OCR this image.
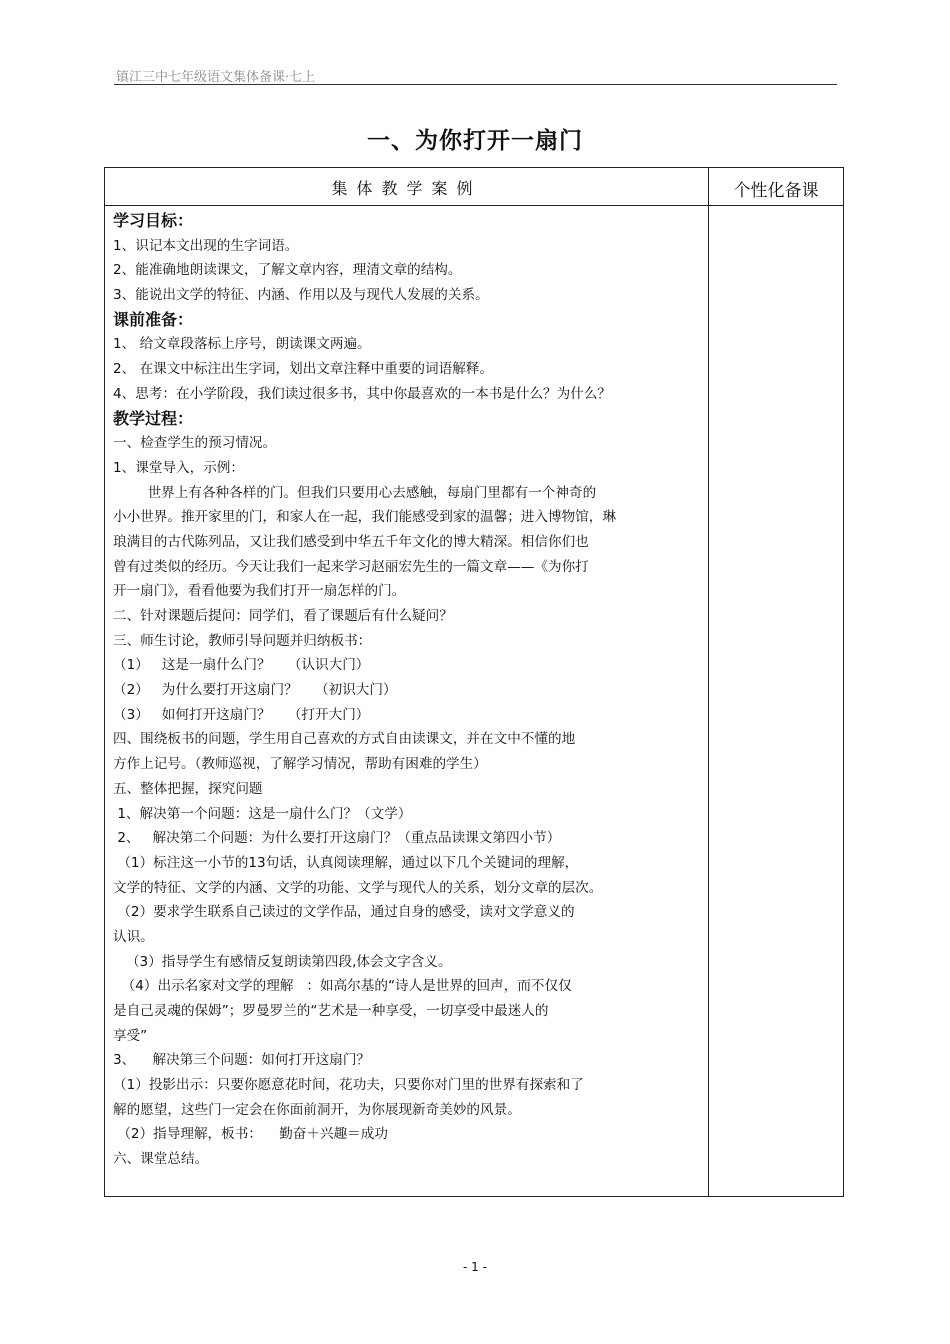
镇江三中七年级语文集体备课·七上
一、为你打开一扇门
集体教学案例	个性化备课
学习目标：
1、识记本文出现的生字词语。
2、能准确地朗读课文，了解文章内容，理清文章的结构。
3、能说出文学的特征、内涵、作用以及与现代人发展的关系。
课前准备：
1、 给文章段落标上序号，朗读课文两遍。
2、 在课文中标注出生字词，划出文章注释中重要的词语解释。
4、思考：在小学阶段，我们读过很多书，其中你最喜欢的一本书是什么？为什么？
教学过程：
一、检查学生的预习情况。
1、课堂导入，示例：
世界上有各种各样的门。但我们只要用心去感触，每扇门里都有一个神奇的
小小世界。推开家里的门，和家人在一起，我们能感受到家的温馨；进入博物馆，琳
琅满目的古代陈列品，又让我们感受到中华五千年文化的博大精深。相信你们也
曾有过类似的经历。今天让我们一起来学习赵丽宏先生的一篇文章——《为你打
开一扇门》，看看他要为我们打开一扇怎样的门。
二、针对课题后提问：同学们，看了课题后有什么疑问？
三、师生讨论，教师引导问题并归纳板书：
（1）   这是一扇什么门？    （认识大门）
（2）   为什么要打开这扇门？    （初识大门）
（3）   如何打开这扇门？    （打开大门）
四、围绕板书的问题，学生用自己喜欢的方式自由读课文，并在文中不懂的地
方作上记号。（教师巡视，了解学习情况，帮助有困难的学生）
五、整体把握，探究问题
1、解决第一个问题：这是一扇什么门？（文学）
2、   解决第二个问题：为什么要打开这扇门？（重点品读课文第四小节）
（1）标注这一小节的13句话，认真阅读理解，通过以下几个关键词的理解，
文学的特征、文学的内涵、文学的功能、文学与现代人的关系，划分文章的层次。
（2）要求学生联系自己读过的文学作品，通过自身的感受，读对文学意义的
认识。
（3）指导学生有感情反复朗读第四段,体会文字含义。
（4）出示名家对文学的理解   ：如高尔基的“诗人是世界的回声，而不仅仅
是自己灵魂的保姆”；罗曼罗兰的“艺术是一种享受，一切享受中最迷人的
享受”
3、    解决第三个问题：如何打开这扇门？
（1）投影出示：只要你愿意花时间，花功夫，只要你对门里的世界有探索和了
解的愿望，这些门一定会在你面前洞开，为你展现新奇美妙的风景。
（2）指导理解，板书：    勤奋＋兴趣＝成功
六、课堂总结。
- 1 -
